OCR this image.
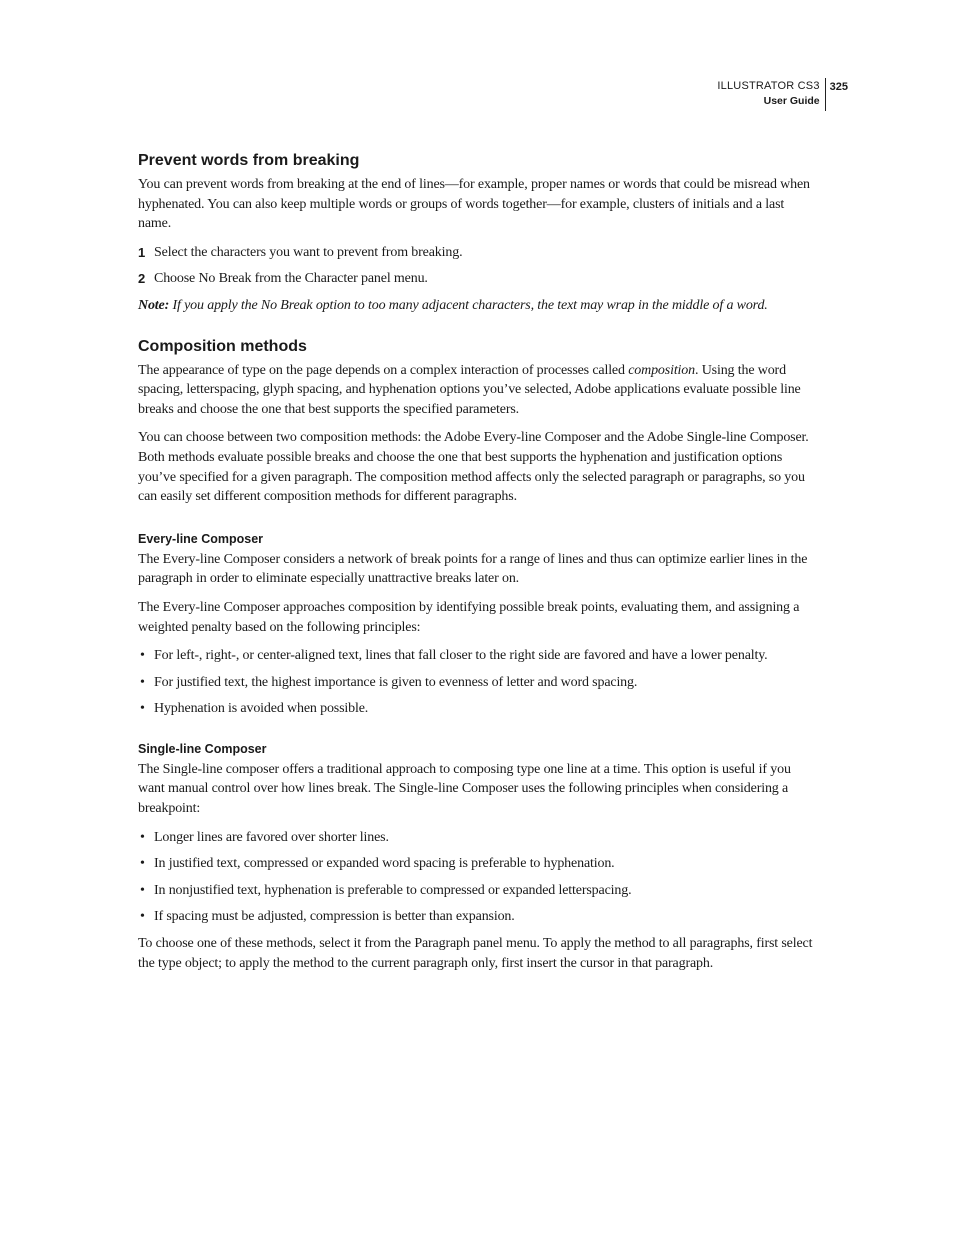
ILLUSTRATOR CS3
User Guide
325
Prevent words from breaking

You can prevent words from breaking at the end of lines—for example, proper names or words that could be misread when hyphenated. You can also keep multiple words or groups of words together—for example, clusters of initials and a last name.

1 Select the characters you want to prevent from breaking.

2 Choose No Break from the Character panel menu.

Note: If you apply the No Break option to too many adjacent characters, the text may wrap in the middle of a word.

Composition methods

The appearance of type on the page depends on a complex interaction of processes called composition. Using the word spacing, letterspacing, glyph spacing, and hyphenation options you’ve selected, Adobe applications evaluate possible line breaks and choose the one that best supports the specified parameters.

You can choose between two composition methods: the Adobe Every-line Composer and the Adobe Single-line Composer. Both methods evaluate possible breaks and choose the one that best supports the hyphenation and justification options you’ve specified for a given paragraph. The composition method affects only the selected paragraph or paragraphs, so you can easily set different composition methods for different paragraphs.

Every-line Composer

The Every-line Composer considers a network of break points for a range of lines and thus can optimize earlier lines in the paragraph in order to eliminate especially unattractive breaks later on.

The Every-line Composer approaches composition by identifying possible break points, evaluating them, and assigning a weighted penalty based on the following principles:

• For left-, right-, or center-aligned text, lines that fall closer to the right side are favored and have a lower penalty.

• For justified text, the highest importance is given to evenness of letter and word spacing.

• Hyphenation is avoided when possible.

Single-line Composer

The Single-line composer offers a traditional approach to composing type one line at a time. This option is useful if you want manual control over how lines break. The Single-line Composer uses the following principles when considering a breakpoint:

• Longer lines are favored over shorter lines.

• In justified text, compressed or expanded word spacing is preferable to hyphenation.

• In nonjustified text, hyphenation is preferable to compressed or expanded letterspacing.

• If spacing must be adjusted, compression is better than expansion.

To choose one of these methods, select it from the Paragraph panel menu. To apply the method to all paragraphs, first select the type object; to apply the method to the current paragraph only, first insert the cursor in that paragraph.
